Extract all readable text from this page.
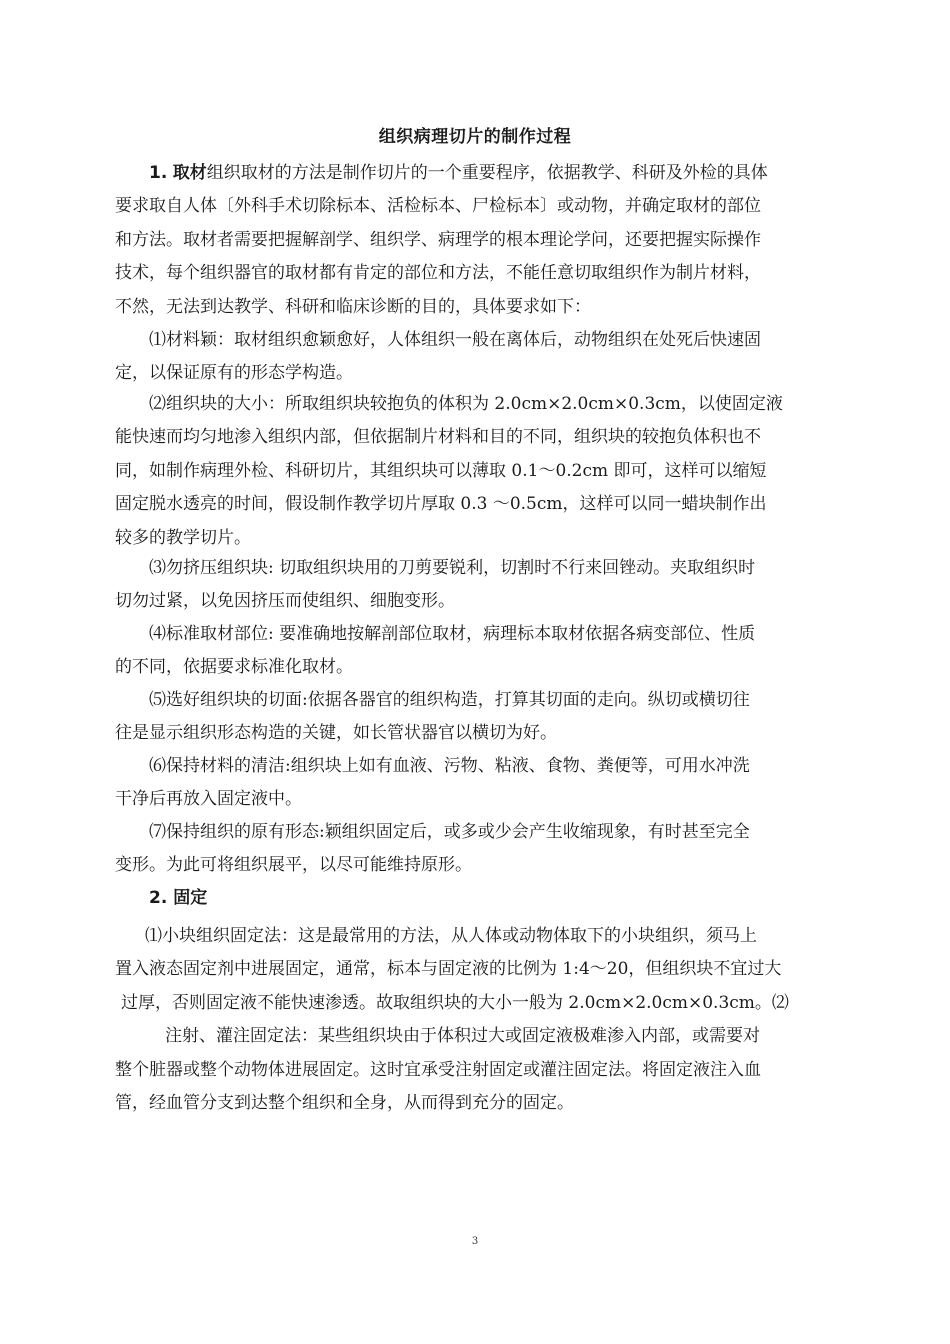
组织病理切片的制作过程
1. 取材组织取材的方法是制作切片的一个重要程序，依据教学、科研及外检的具体
要求取自人体〔外科手术切除标本、活检标本、尸检标本〕或动物，并确定取材的部位
和方法。取材者需要把握解剖学、组织学、病理学的根本理论学问，还要把握实际操作
技术，每个组织器官的取材都有肯定的部位和方法，不能任意切取组织作为制片材料，
不然，无法到达教学、科研和临床诊断的目的，具体要求如下：
⑴材料颖：取材组织愈颖愈好，人体组织一般在离体后，动物组织在处死后快速固
定，以保证原有的形态学构造。
⑵组织块的大小：所取组织块较抱负的体积为 2.0cm×2.0cm×0.3cm，以使固定液
能快速而均匀地渗入组织内部，但依据制片材料和目的不同，组织块的较抱负体积也不
同，如制作病理外检、科研切片，其组织块可以薄取 0.1～0.2cm 即可，这样可以缩短
固定脱水透亮的时间，假设制作教学切片厚取 0.3 ～0.5cm，这样可以同一蜡块制作出
较多的教学切片。
⑶勿挤压组织块: 切取组织块用的刀剪要锐利，切割时不行来回锉动。夹取组织时
切勿过紧，以免因挤压而使组织、细胞变形。
⑷标准取材部位: 要准确地按解剖部位取材，病理标本取材依据各病变部位、性质
的不同，依据要求标准化取材。
⑸选好组织块的切面:依据各器官的组织构造，打算其切面的走向。纵切或横切往
往是显示组织形态构造的关键，如长管状器官以横切为好。
⑹保持材料的清洁:组织块上如有血液、污物、粘液、食物、粪便等，可用水冲洗
干净后再放入固定液中。
⑺保持组织的原有形态:颖组织固定后，或多或少会产生收缩现象，有时甚至完全
变形。为此可将组织展平，以尽可能维持原形。
2. 固定
⑴小块组织固定法：这是最常用的方法，从人体或动物体取下的小块组织，须马上
置入液态固定剂中进展固定，通常，标本与固定液的比例为 1:4～20，但组织块不宜过大
过厚，否则固定液不能快速渗透。故取组织块的大小一般为 2.0cm×2.0cm×0.3cm。⑵
注射、灌注固定法：某些组织块由于体积过大或固定液极难渗入内部，或需要对
整个脏器或整个动物体进展固定。这时宜承受注射固定或灌注固定法。将固定液注入血
管，经血管分支到达整个组织和全身，从而得到充分的固定。
3
